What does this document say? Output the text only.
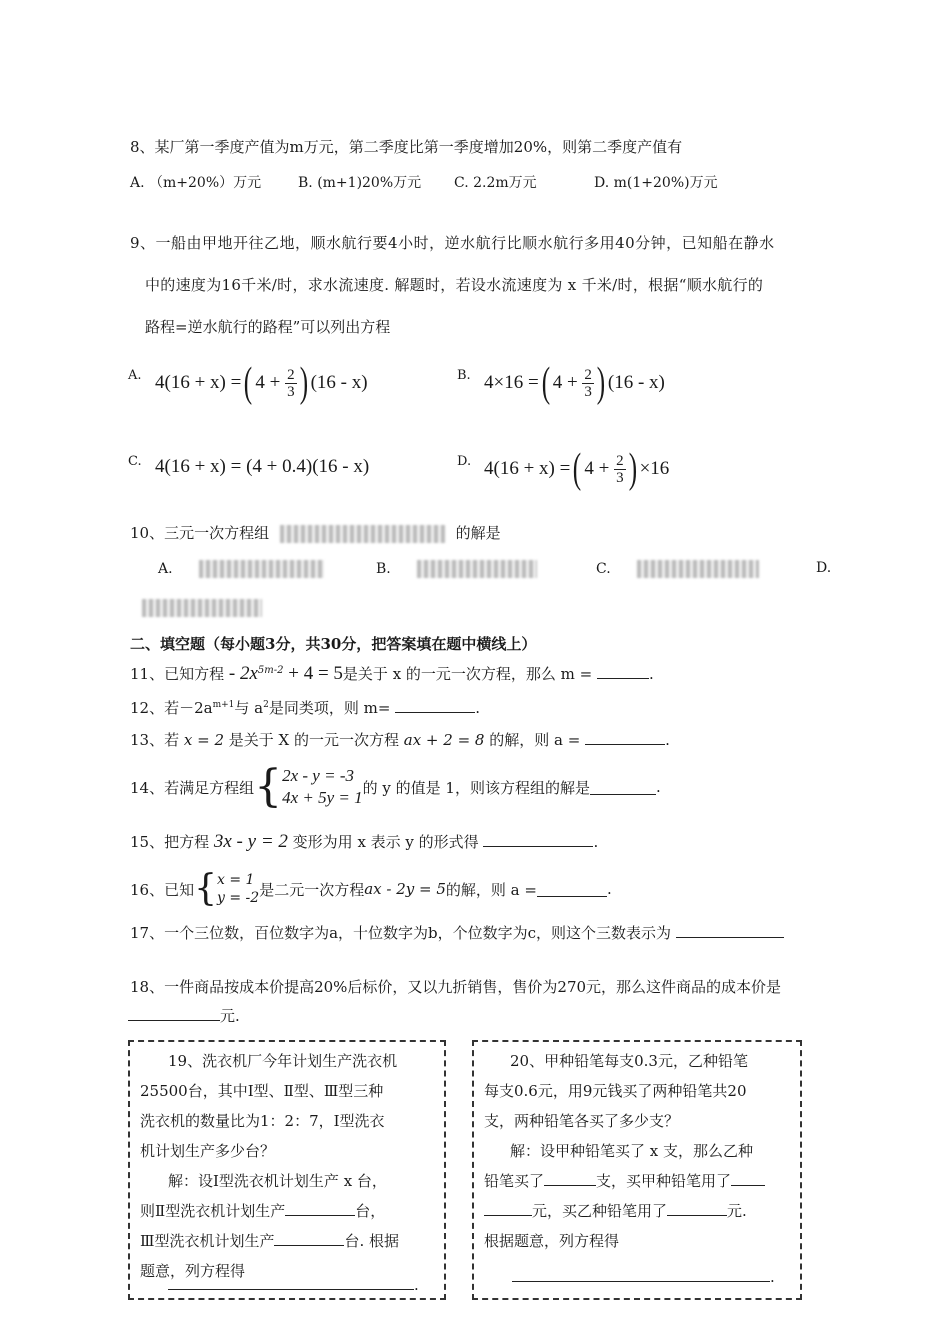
8、某厂第一季度产值为m万元，第二季度比第一季度增加20%，则第二季度产值有
A. （m+20%）万元	B. (m+1)20%万元 C. 2.2m万元	D. m(1+20%)万元
9、一船由甲地开往乙地，顺水航行要4小时，逆水航行比顺水航行多用40分钟，已知船在静水
中的速度为16千米/时，求水流速度. 解题时，若设水流速度为 x 千米/时，根据“顺水航行的
路程=逆水航行的路程”可以列出方程
A. 4(16 + x) = ( 4 +
$\frac{2}{3}$ ) (16 - x)	B. 4×16 = ( 4 +
$\frac{2}{3}$ ) (16 - x)
C. 4(16 + x) = (4 + 0.4)(16 - x)	D. 4(16 + x) = ( 4 +
$\frac{2}{3}$ ) ×16
10、三元一次方程组	的解是
A.	B.	C.	D.
二、填空题（每小题3分，共30分，把答案填在题中横线上）
11、已知方程 - $2x^{5m-2} + 4 = 5$是关于 x 的一元一次方程，那么 m =	.
12、若$-2a^{m+1}$与 $a^2$是同类项，则 m=	.
13、若 x = 2 是关于 X 的一元一次方程 ax + 2 = 8 的解，则 a =	.
14、若满足方程组 { 2x - y = -3
4x + 5y = 1
的 y 的值是 1，则该方程组的解是	.
15、把方程 3x - y = 2 变形为用 x 表示 y 的形式得	.
16、已知 { x = 1
y = -2 是二元一次方程 ax - 2y = 5 的解，则 a =	.
17、一个三位数，百位数字为a，十位数字为b，个位数字为c，则这个三数表示为
18、一件商品按成本价提高20%后标价，又以九折销售，售价为270元，那么这件商品的成本价是
元.
19、洗衣机厂今年计划生产洗衣机
25500台，其中Ⅰ型、Ⅱ型、Ⅲ型三种
洗衣机的数量比为1：2：7，Ⅰ型洗衣
机计划生产多少台？
解：设Ⅰ型洗衣机计划生产 x 台，
则Ⅱ型洗衣机计划生产	台，
Ⅲ型洗衣机计划生产	台. 根据
题意，列方程得
.
20、甲种铅笔每支0.3元，乙种铅笔
每支0.6元，用9元钱买了两种铅笔共20
支，两种铅笔各买了多少支？
解：设甲种铅笔买了 x 支，那么乙种
铅笔买了	支，买甲种铅笔用了
元，买乙种铅笔用了	元.
根据题意，列方程得
.
